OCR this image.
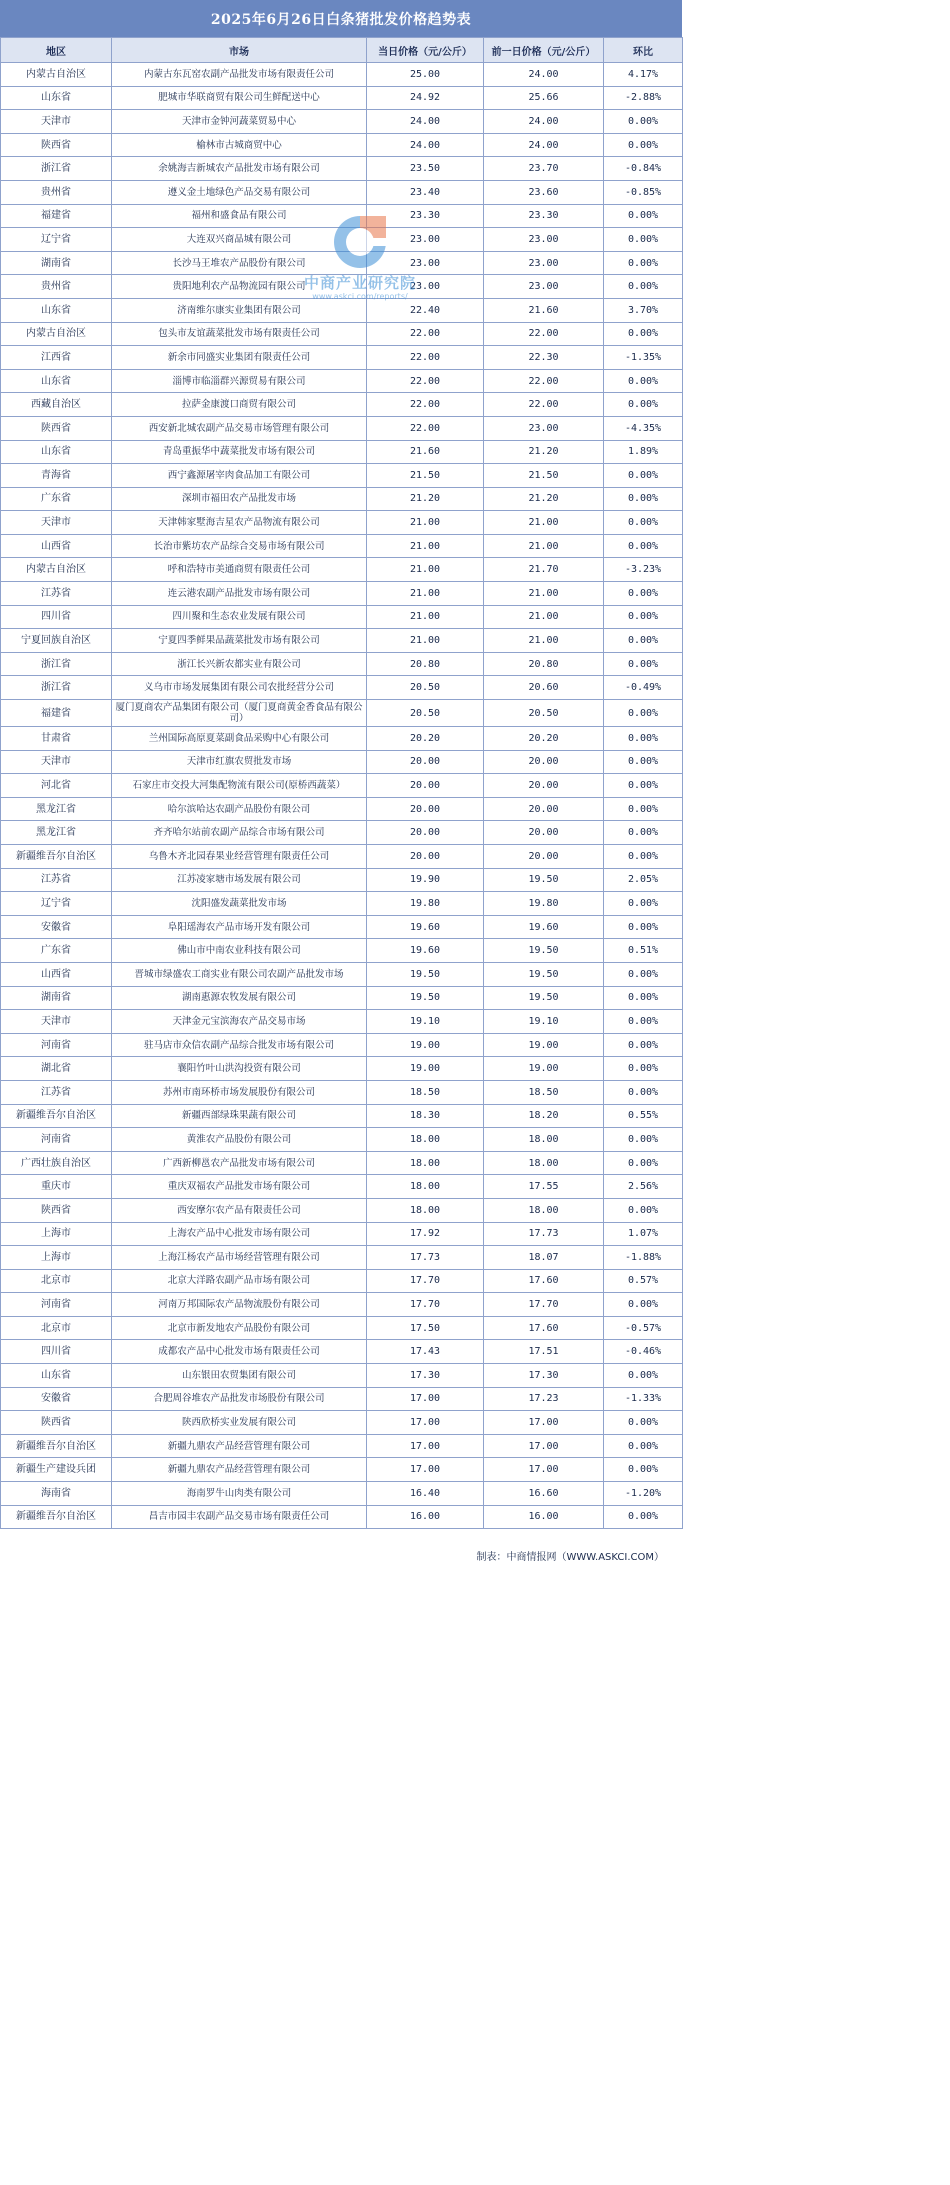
2025年6月26日白条猪批发价格趋势表
地区	市场	当日价格（元/公斤）	前一日价格（元/公斤）	环比
内蒙古自治区	内蒙古东瓦窑农副产品批发市场有限责任公司	25.00	24.00	4.17%
山东省	肥城市华联商贸有限公司生鲜配送中心	24.92	25.66	-2.88%
天津市	天津市金钟河蔬菜贸易中心	24.00	24.00	0.00%
陕西省	榆林市古城商贸中心	24.00	24.00	0.00%
浙江省	余姚海吉新城农产品批发市场有限公司	23.50	23.70	-0.84%
贵州省	遵义金土地绿色产品交易有限公司	23.40	23.60	-0.85%
福建省	福州和盛食品有限公司	23.30	23.30	0.00%
辽宁省	大连双兴商品城有限公司	23.00	23.00	0.00%
湖南省	长沙马王堆农产品股份有限公司	23.00	23.00	0.00%
贵州省	贵阳地利农产品物流园有限公司	23.00	23.00	0.00%
山东省	济南维尔康实业集团有限公司	22.40	21.60	3.70%
内蒙古自治区	包头市友谊蔬菜批发市场有限责任公司	22.00	22.00	0.00%
江西省	新余市同盛实业集团有限责任公司	22.00	22.30	-1.35%
山东省	淄博市临淄群兴源贸易有限公司	22.00	22.00	0.00%
西藏自治区	拉萨金康渡口商贸有限公司	22.00	22.00	0.00%
陕西省	西安新北城农副产品交易市场管理有限公司	22.00	23.00	-4.35%
山东省	青岛重振华中蔬菜批发市场有限公司	21.60	21.20	1.89%
青海省	西宁鑫源屠宰肉食品加工有限公司	21.50	21.50	0.00%
广东省	深圳市福田农产品批发市场	21.20	21.20	0.00%
天津市	天津韩家墅海吉星农产品物流有限公司	21.00	21.00	0.00%
山西省	长治市紫坊农产品综合交易市场有限公司	21.00	21.00	0.00%
内蒙古自治区	呼和浩特市美通商贸有限责任公司	21.00	21.70	-3.23%
江苏省	连云港农副产品批发市场有限公司	21.00	21.00	0.00%
四川省	四川聚和生态农业发展有限公司	21.00	21.00	0.00%
宁夏回族自治区	宁夏四季鲜果品蔬菜批发市场有限公司	21.00	21.00	0.00%
浙江省	浙江长兴新农都实业有限公司	20.80	20.80	0.00%
浙江省	义乌市市场发展集团有限公司农批经营分公司	20.50	20.60	-0.49%
福建省	厦门夏商农产品集团有限公司（厦门夏商黄金香食品有限公司）	20.50	20.50	0.00%
甘肃省	兰州国际高原夏菜副食品采购中心有限公司	20.20	20.20	0.00%
天津市	天津市红旗农贸批发市场	20.00	20.00	0.00%
河北省	石家庄市交投大河集配物流有限公司(原桥西蔬菜）	20.00	20.00	0.00%
黑龙江省	哈尔滨哈达农副产品股份有限公司	20.00	20.00	0.00%
黑龙江省	齐齐哈尔站前农副产品综合市场有限公司	20.00	20.00	0.00%
新疆维吾尔自治区	乌鲁木齐北园春果业经营管理有限责任公司	20.00	20.00	0.00%
江苏省	江苏凌家塘市场发展有限公司	19.90	19.50	2.05%
辽宁省	沈阳盛发蔬菜批发市场	19.80	19.80	0.00%
安徽省	阜阳瑶海农产品市场开发有限公司	19.60	19.60	0.00%
广东省	佛山市中南农业科技有限公司	19.60	19.50	0.51%
山西省	晋城市绿盛农工商实业有限公司农副产品批发市场	19.50	19.50	0.00%
湖南省	湖南惠源农牧发展有限公司	19.50	19.50	0.00%
天津市	天津金元宝滨海农产品交易市场	19.10	19.10	0.00%
河南省	驻马店市众信农副产品综合批发市场有限公司	19.00	19.00	0.00%
湖北省	襄阳竹叶山洪沟投资有限公司	19.00	19.00	0.00%
江苏省	苏州市南环桥市场发展股份有限公司	18.50	18.50	0.00%
新疆维吾尔自治区	新疆西部绿珠果蔬有限公司	18.30	18.20	0.55%
河南省	黄淮农产品股份有限公司	18.00	18.00	0.00%
广西壮族自治区	广西新柳邕农产品批发市场有限公司	18.00	18.00	0.00%
重庆市	重庆双福农产品批发市场有限公司	18.00	17.55	2.56%
陕西省	西安摩尔农产品有限责任公司	18.00	18.00	0.00%
上海市	上海农产品中心批发市场有限公司	17.92	17.73	1.07%
上海市	上海江杨农产品市场经营管理有限公司	17.73	18.07	-1.88%
北京市	北京大洋路农副产品市场有限公司	17.70	17.60	0.57%
河南省	河南万邦国际农产品物流股份有限公司	17.70	17.70	0.00%
北京市	北京市新发地农产品股份有限公司	17.50	17.60	-0.57%
四川省	成都农产品中心批发市场有限责任公司	17.43	17.51	-0.46%
山东省	山东银田农贸集团有限公司	17.30	17.30	0.00%
安徽省	合肥周谷堆农产品批发市场股份有限公司	17.00	17.23	-1.33%
陕西省	陕西欣桥实业发展有限公司	17.00	17.00	0.00%
新疆维吾尔自治区	新疆九鼎农产品经营管理有限公司	17.00	17.00	0.00%
新疆生产建设兵团	新疆九鼎农产品经营管理有限公司	17.00	17.00	0.00%
海南省	海南罗牛山肉类有限公司	16.40	16.60	-1.20%
新疆维吾尔自治区	昌吉市园丰农副产品交易市场有限责任公司	16.00	16.00	0.00%
中商产业研究院
www.askci.com/reports/
制表：中商情报网（WWW.ASKCI.COM）
